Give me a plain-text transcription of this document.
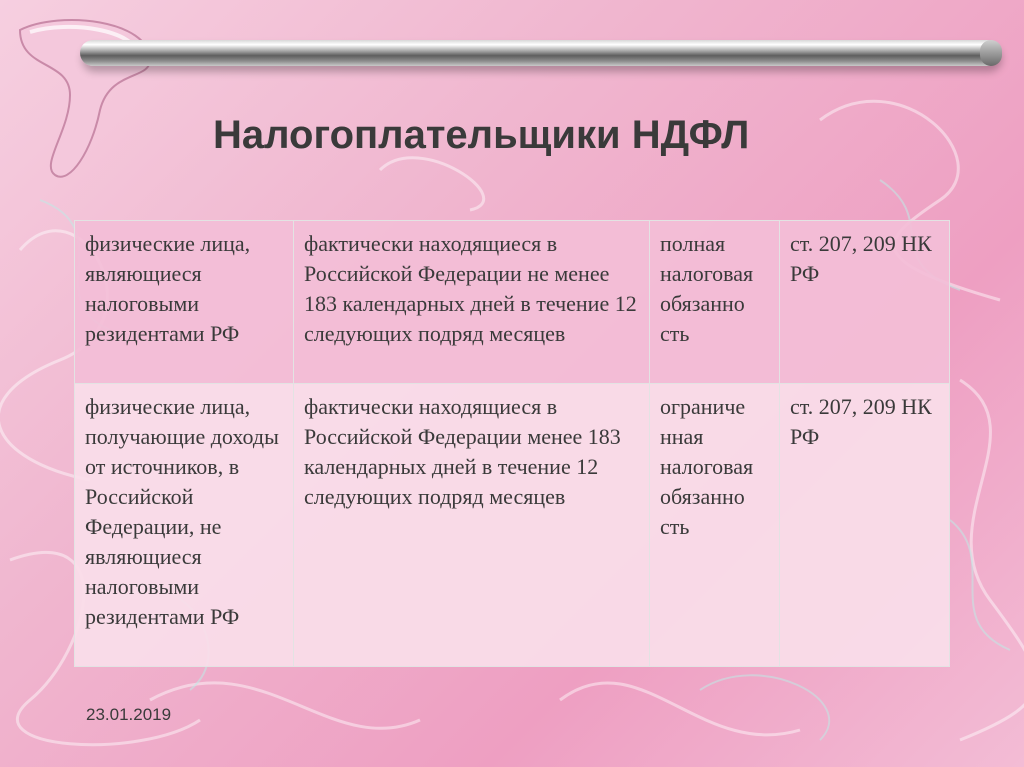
Налогоплательщики НДФЛ
физические лица, являющиеся налоговыми резидентами РФ	фактически находящиеся в Российской Федерации не менее 183 календарных дней в течение 12 следующих подряд месяцев	полная налоговая обязанно сть	ст. 207, 209 НК РФ
физические лица, получающие доходы от источников, в Российской Федерации, не являющиеся налоговыми резидентами РФ	фактически находящиеся в Российской Федерации менее 183 календарных дней в течение 12 следующих подряд месяцев	ограниче нная налоговая обязанно сть	ст. 207, 209 НК РФ
23.01.2019
